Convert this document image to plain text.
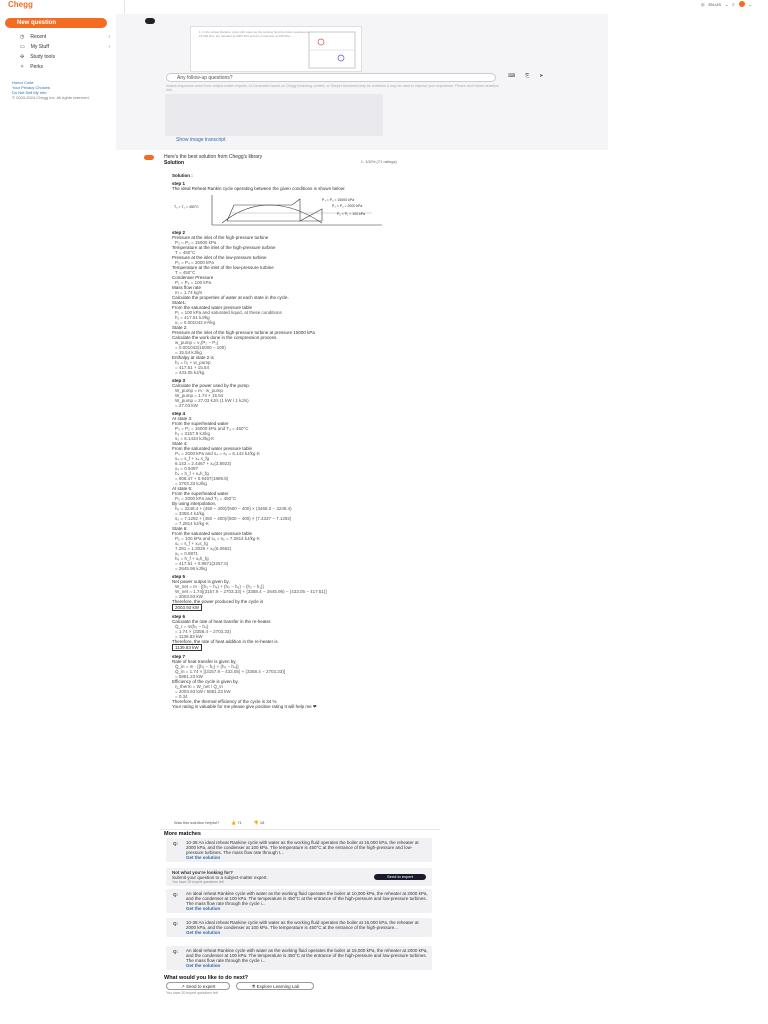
Chegg	◎ EN-US ⌄ ≡	⌄
New question
◷ Recent	›
▭ My Stuff	›
✣ Study tools
✧ Perks
Honor Code
Your Privacy Choices
Do Not Sell My Info
© 2003-2024 Chegg Inc. All rights reserved.
1. In the reheat Rankine cycle with water as the working fluid the boiler operates at 15,000 kPa, the reheater at 2000 kPa and the condenser at 100 kPa.
Any follow-up questions?	⌨ ⎘ ➤
Instant responses come from subject-matter experts. AI-Generated based on Chegg's learning content, or Deeper Answered may be reviewed & may be used to improve your experience. Please don't share sensitive info.
Show image transcript
Here's the best solution from Chegg's library
Solution	☺ 100% (71 ratings)
Solution :
step 1
The ideal Reheat Rankin cycle operating between the given conditions is shown below:
T₃ = T₅ = 450°C
P₃ = P₂ = 15000 kPa
P₅ = P₄ = 2000 kPa
P₆ = P₁ = 100 kPa
step 2
Pressure at the inlet of the high-pressure turbine
P₃ = P₂ = 15000 kPa
Temperature at the inlet of the high-pressure turbine
T = 450°C
Pressure at the inlet of the low-pressure turbine
P₅ = P₄ = 2000 kPa
Temperature at the inlet of the low-pressure turbine
T = 450°C
Condenser Pressure
P₁ = P₆ = 100 kPa
Mass flow rate
m = 1.74 kg/s
Calculate the properties of water at each state in the cycle.
State1:
From the saturated water pressure table
P₁ = 100 kPa and saturated liquid, at these conditions
h₁ = 417.51 kJ/kg
v₁ = 0.001043 m³/kg
State 2:
Pressure at the inlet of the high-pressure turbine at pressure 15000 kPa
Calculate the work done in the compression process.
w_pump = v₁(P₂ − P₁)
= 0.001043(15000 − 100)
= 15.54 kJ/kg
Enthalpy at state 2 is
h₂ = h₁ + w_pump
= 417.51 + 15.54
= 433.05 kJ/kg
step 3
Calculate the power used by the pump.
W_pump = m · w_pump
W_pump = 1.74 × 15.54
W_pump = 27.03 kJ/s (1 kW / 1 kJ/s)
= 27.03 kW
step 4
At state 3:
From the superheated water
P₃ = P₂ = 15000 kPa and T₃ = 450°C
h₃ = 3157.9 kJ/kg
s₃ = 6.1434 kJ/kg·K
State 4:
From the saturated water pressure table
P₄ = 2000 kPa and s₄ = s₃ = 6.143 kJ/kg·K
s₄ = s_f + x₄ s_fg
6.143 = 2.4467 + x₄(3.8923)
x₄ = 0.9497
h₄ = h_f + x₄h_fg
= 908.47 + 0.9497(1889.8)
= 2703.33 kJ/kg
At state 5:
From the superheated water
P₅ = 2000 kPa and T₅ = 450°C
By using interpolation,
h₅ = 3248.4 + (450 − 400)/(500 − 400) × (3468.3 − 3248.4)
= 3358.4 kJ/kg
s₅ = 7.1292 + (450 − 400)/(500 − 400) × (7.4337 − 7.1292)
= 7.2814 kJ/kg·K
State 6:
From the saturated water pressure table
P₆ = 100 kPa and s₆ = s₅ = 7.2814 kJ/kg·K
s₆ = s_f + x₆s_fg
7.281 = 1.3026 + x₆(6.0562)
x₆ = 0.9871
h₆ = h_f + x₆h_fg
= 417.51 + 0.9871(2257.5)
= 2645.96 kJ/kg
step 5
Net power output is given by,
W_net = m · [(h₃ − h₄) + (h₅ − h₆) − (h₂ − h₁)]
W_net = 1.74[(3157.9 − 2703.33) + (3358.4 − 2645.96) − (433.05 − 417.51)]
= 2003.93 kW
Therefore, the power produced by the cycle is
2003.93 kW
step 6
Calculate the rate of heat transfer in the re-heater.
Q̇_r = m(h₅ − h₄)
= 1.74 × (3358.4 − 2703.33)
= 1139.83 kW
Therefore, the rate of heat addition in the re-heater is
1139.83 kW
step 7
Rate of heat transfer is given by,
Q̇_in = m · [(h₃ − h₂) + (h₅ − h₄)]
Q̇_in = 1.74 × [(3157.9 − 433.05) + (3358.4 − 2703.33)]
= 5881.23 kW
Efficiency of the cycle is given by,
η_therm = W_net / Q̇_in
= 2003.93 kW / 5881.23 kW
= 0.34
Therefore, the thermal efficiency of the cycle is 34 %
Your rating is valuable for me please give positive rating It will help me ❤
Was this solution helpful?	👍 71	👎 18
More matches
Q: 10-38 An ideal reheat Rankine cycle with water as the working fluid operates the boiler at 15,000 kPa, the reheater at 2000 kPa, and the condenser at 100 kPa. The temperature is 450°C at the entrance of the high-pressure and low-pressure turbines. The mass flow rate through t...
Get the solution
Not what you're looking for?
Submit your question to a subject-matter expert.
You have 20 expert questions left
Send to expert
Q: An ideal reheat Rankine cycle with water as the working fluid operates the boiler at 10,000 kPa, the reheater at 2000 kPa, and the condenser at 100 kPa. The temperature is 450°C at the entrance of the high-pressure and low-pressure turbines. The mass flow rate through the cycle i...
Get the solution
Q: 10-38 An ideal reheat Rankine cycle with water as the working fluid operates the boiler at 15,000 kPa, the reheater at 2000 kPa, and the condenser at 100 kPa. The temperature is 450°C at the entrance of the high-pressure...
Get the solution
Q: An ideal reheat Rankine cycle with water as the working fluid operates the boiler at 15,000 kPa, the reheater at 2000 kPa, and the condenser at 100 kPa. The temperature is 450°C at the entrance of the high-pressure and low-pressure turbines. The mass flow rate through the cycle i...
Get the solution
What would you like to do next?
↗ Send to expert	⚗ Explore Learning Lab
You have 20 expert questions left
